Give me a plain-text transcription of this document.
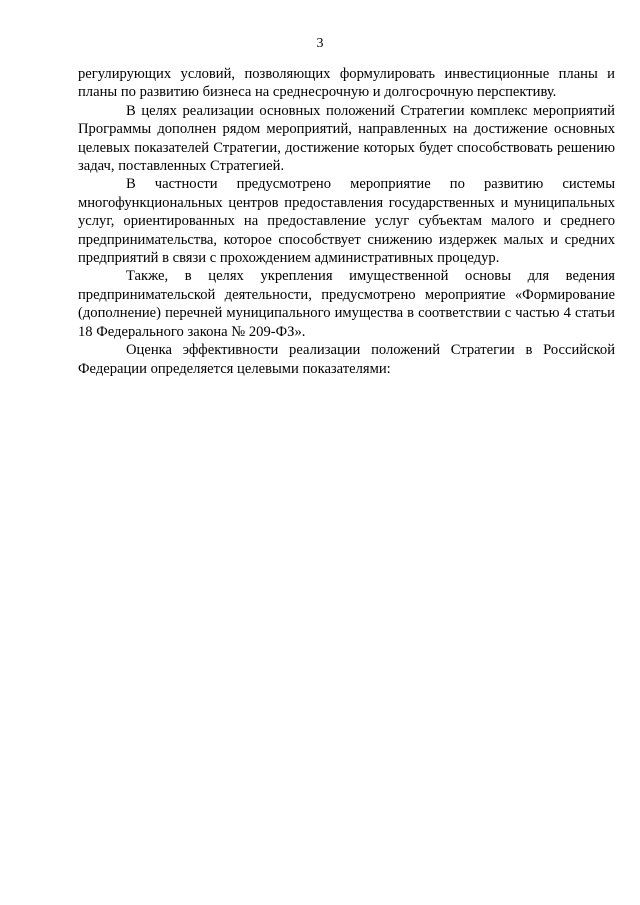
3

регулирующих условий, позволяющих формулировать инвестиционные планы и планы по развитию бизнеса на среднесрочную и долгосрочную перспективу.

В целях реализации основных положений Стратегии комплекс мероприятий Программы дополнен рядом мероприятий, направленных на достижение основных целевых показателей Стратегии, достижение которых будет способствовать решению задач, поставленных Стратегией.

В частности предусмотрено мероприятие по развитию системы многофункциональных центров предоставления государственных и муниципальных услуг, ориентированных на предоставление услуг субъектам малого и среднего предпринимательства, которое способствует снижению издержек малых и средних предприятий в связи с прохождением административных процедур.

Также, в целях укрепления имущественной основы для ведения предпринимательской деятельности, предусмотрено мероприятие «Формирование (дополнение) перечней муниципального имущества в соответствии с частью 4 статьи 18 Федерального закона № 209-ФЗ».

Оценка эффективности реализации положений Стратегии в Российской Федерации определяется целевыми показателями:
